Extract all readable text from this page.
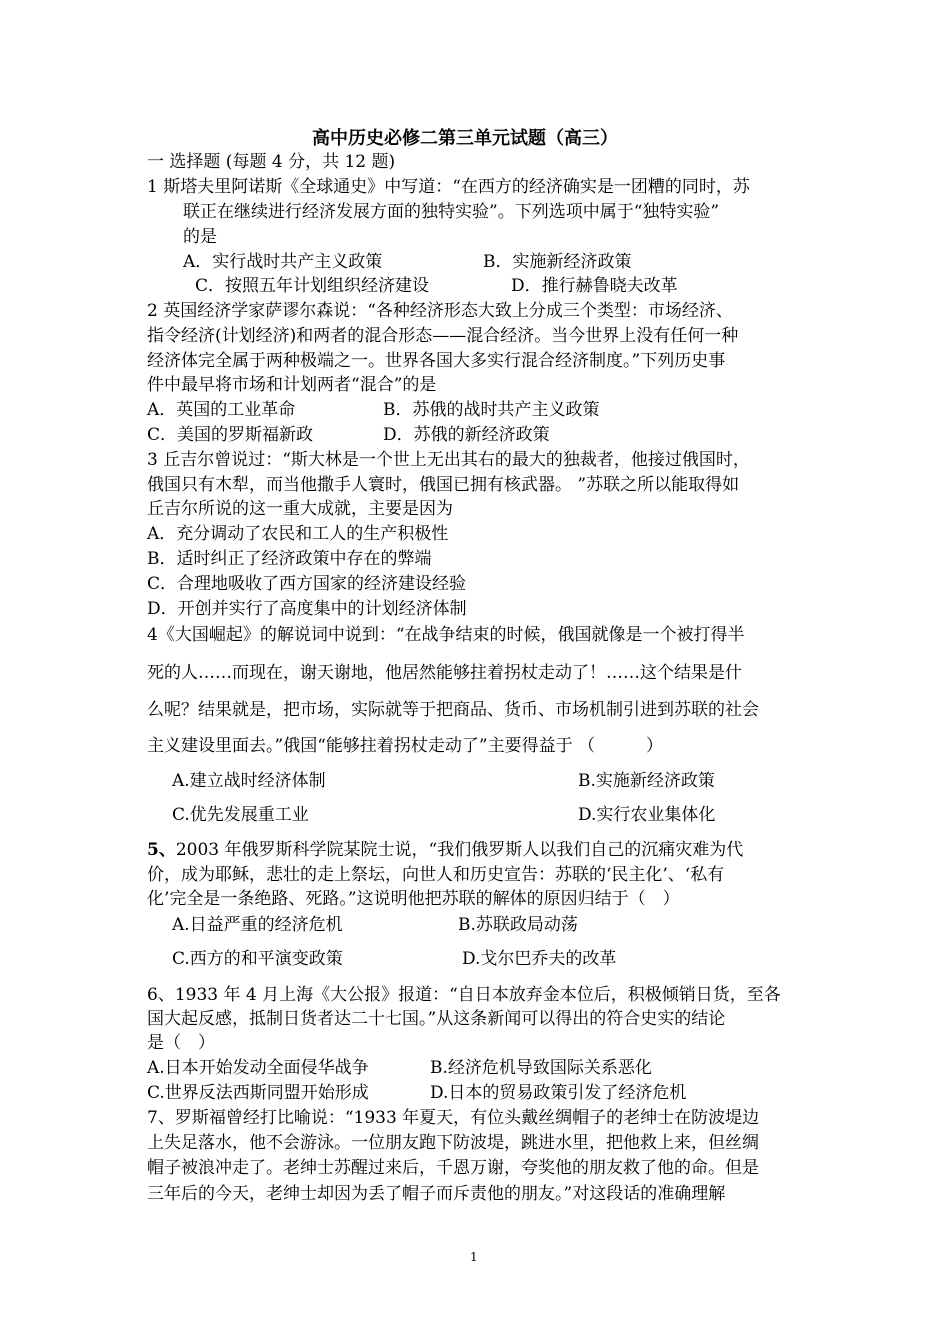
高中历史必修二第三单元试题（高三）
一 选择题 (每题 4 分，共 12 题)
1 斯塔夫里阿诺斯《全球通史》中写道：“在西方的经济确实是一团糟的同时，苏
联正在继续进行经济发展方面的独特实验”。下列选项中属于“独特实验”
的是
A．实行战时共产主义政策	B．实施新经济政策
C．按照五年计划组织经济建设	D．推行赫鲁晓夫改革
2 英国经济学家萨谬尔森说：“各种经济形态大致上分成三个类型：市场经济、
指令经济(计划经济)和两者的混合形态——混合经济。当今世界上没有任何一种
经济体完全属于两种极端之一。世界各国大多实行混合经济制度。”下列历史事
件中最早将市场和计划两者“混合”的是
A．英国的工业革命	B．苏俄的战时共产主义政策
C．美国的罗斯福新政	D．苏俄的新经济政策
3 丘吉尔曾说过：“斯大林是一个世上无出其右的最大的独裁者，他接过俄国时，
俄国只有木犁，而当他撒手人寰时，俄国已拥有核武器。 ”苏联之所以能取得如
丘吉尔所说的这一重大成就，主要是因为
A．充分调动了农民和工人的生产积极性
B．适时纠正了经济政策中存在的弊端
C．合理地吸收了西方国家的经济建设经验
D．开创并实行了高度集中的计划经济体制
4《大国崛起》的解说词中说到：“在战争结束的时候，俄国就像是一个被打得半
死的人……而现在，谢天谢地，他居然能够拄着拐杖走动了！……这个结果是什
么呢？结果就是，把市场，实际就等于把商品、货币、市场机制引进到苏联的社会
主义建设里面去。”俄国“能够拄着拐杖走动了”主要得益于 （　　　）
A.建立战时经济体制	B.实施新经济政策
C.优先发展重工业	D.实行农业集体化
5、2003 年俄罗斯科学院某院士说，“我们俄罗斯人以我们自己的沉痛灾难为代
价，成为耶稣，悲壮的走上祭坛，向世人和历史宣告：苏联的‘民主化’、‘私有
化’完全是一条绝路、死路。”这说明他把苏联的解体的原因归结于（　）
A.日益严重的经济危机	B.苏联政局动荡
C.西方的和平演变政策	D.戈尔巴乔夫的改革
6、1933 年 4 月上海《大公报》报道：“自日本放弃金本位后，积极倾销日货，至各
国大起反感，抵制日货者达二十七国。”从这条新闻可以得出的符合史实的结论
是（　）
A.日本开始发动全面侵华战争	B.经济危机导致国际关系恶化
C.世界反法西斯同盟开始形成	D.日本的贸易政策引发了经济危机
7、罗斯福曾经打比喻说：“1933 年夏天，有位头戴丝绸帽子的老绅士在防波堤边
上失足落水，他不会游泳。一位朋友跑下防波堤，跳进水里，把他救上来，但丝绸
帽子被浪冲走了。老绅士苏醒过来后，千恩万谢，夸奖他的朋友救了他的命。但是
三年后的今天，老绅士却因为丢了帽子而斥责他的朋友。”对这段话的准确理解
1
